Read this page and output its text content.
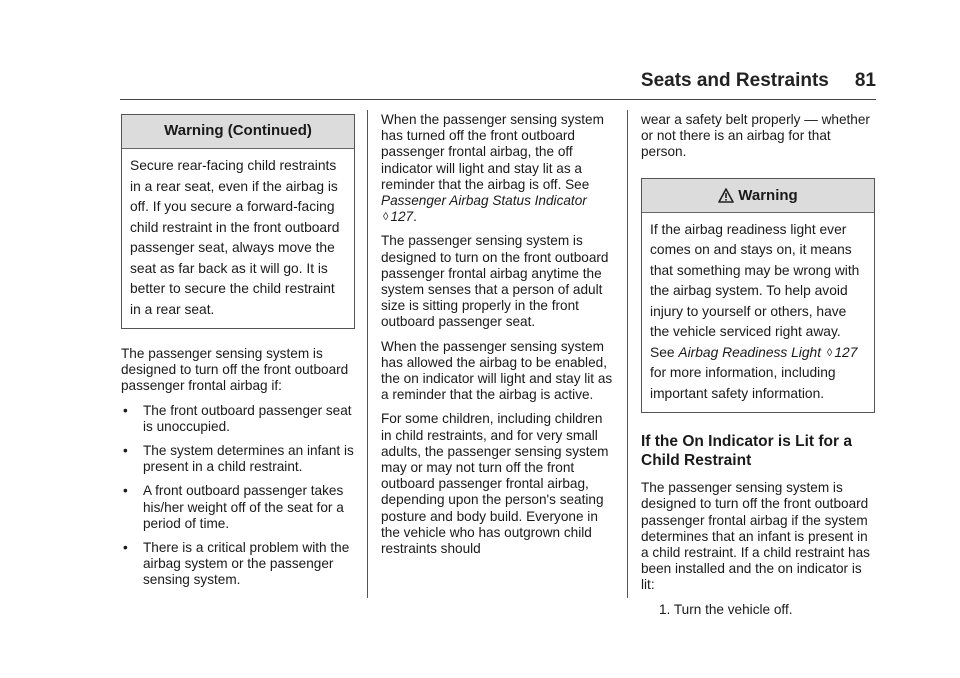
Seats and Restraints 81
Warning (Continued)
Secure rear-facing child restraints in a rear seat, even if the airbag is off. If you secure a forward-facing child restraint in the front outboard passenger seat, always move the seat as far back as it will go. It is better to secure the child restraint in a rear seat.

The passenger sensing system is designed to turn off the front outboard passenger frontal airbag if:

• The front outboard passenger seat is unoccupied.
• The system determines an infant is present in a child restraint.
• A front outboard passenger takes his/her weight off of the seat for a period of time.
• There is a critical problem with the airbag system or the passenger sensing system.

When the passenger sensing system has turned off the front outboard passenger frontal airbag, the off indicator will light and stay lit as a reminder that the airbag is off. See Passenger Airbag Status Indicator ◊ 127.

The passenger sensing system is designed to turn on the front outboard passenger frontal airbag anytime the system senses that a person of adult size is sitting properly in the front outboard passenger seat.

When the passenger sensing system has allowed the airbag to be enabled, the on indicator will light and stay lit as a reminder that the airbag is active.

For some children, including children in child restraints, and for very small adults, the passenger sensing system may or may not turn off the front outboard passenger frontal airbag, depending upon the person's seating posture and body build. Everyone in the vehicle who has outgrown child restraints should

wear a safety belt properly — whether or not there is an airbag for that person.

Warning
If the airbag readiness light ever comes on and stays on, it means that something may be wrong with the airbag system. To help avoid injury to yourself or others, have the vehicle serviced right away. See Airbag Readiness Light ◊ 127 for more information, including important safety information.
If the On Indicator is Lit for a Child Restraint

The passenger sensing system is designed to turn off the front outboard passenger frontal airbag if the system determines that an infant is present in a child restraint. If a child restraint has been installed and the on indicator is lit:

1. Turn the vehicle off.
